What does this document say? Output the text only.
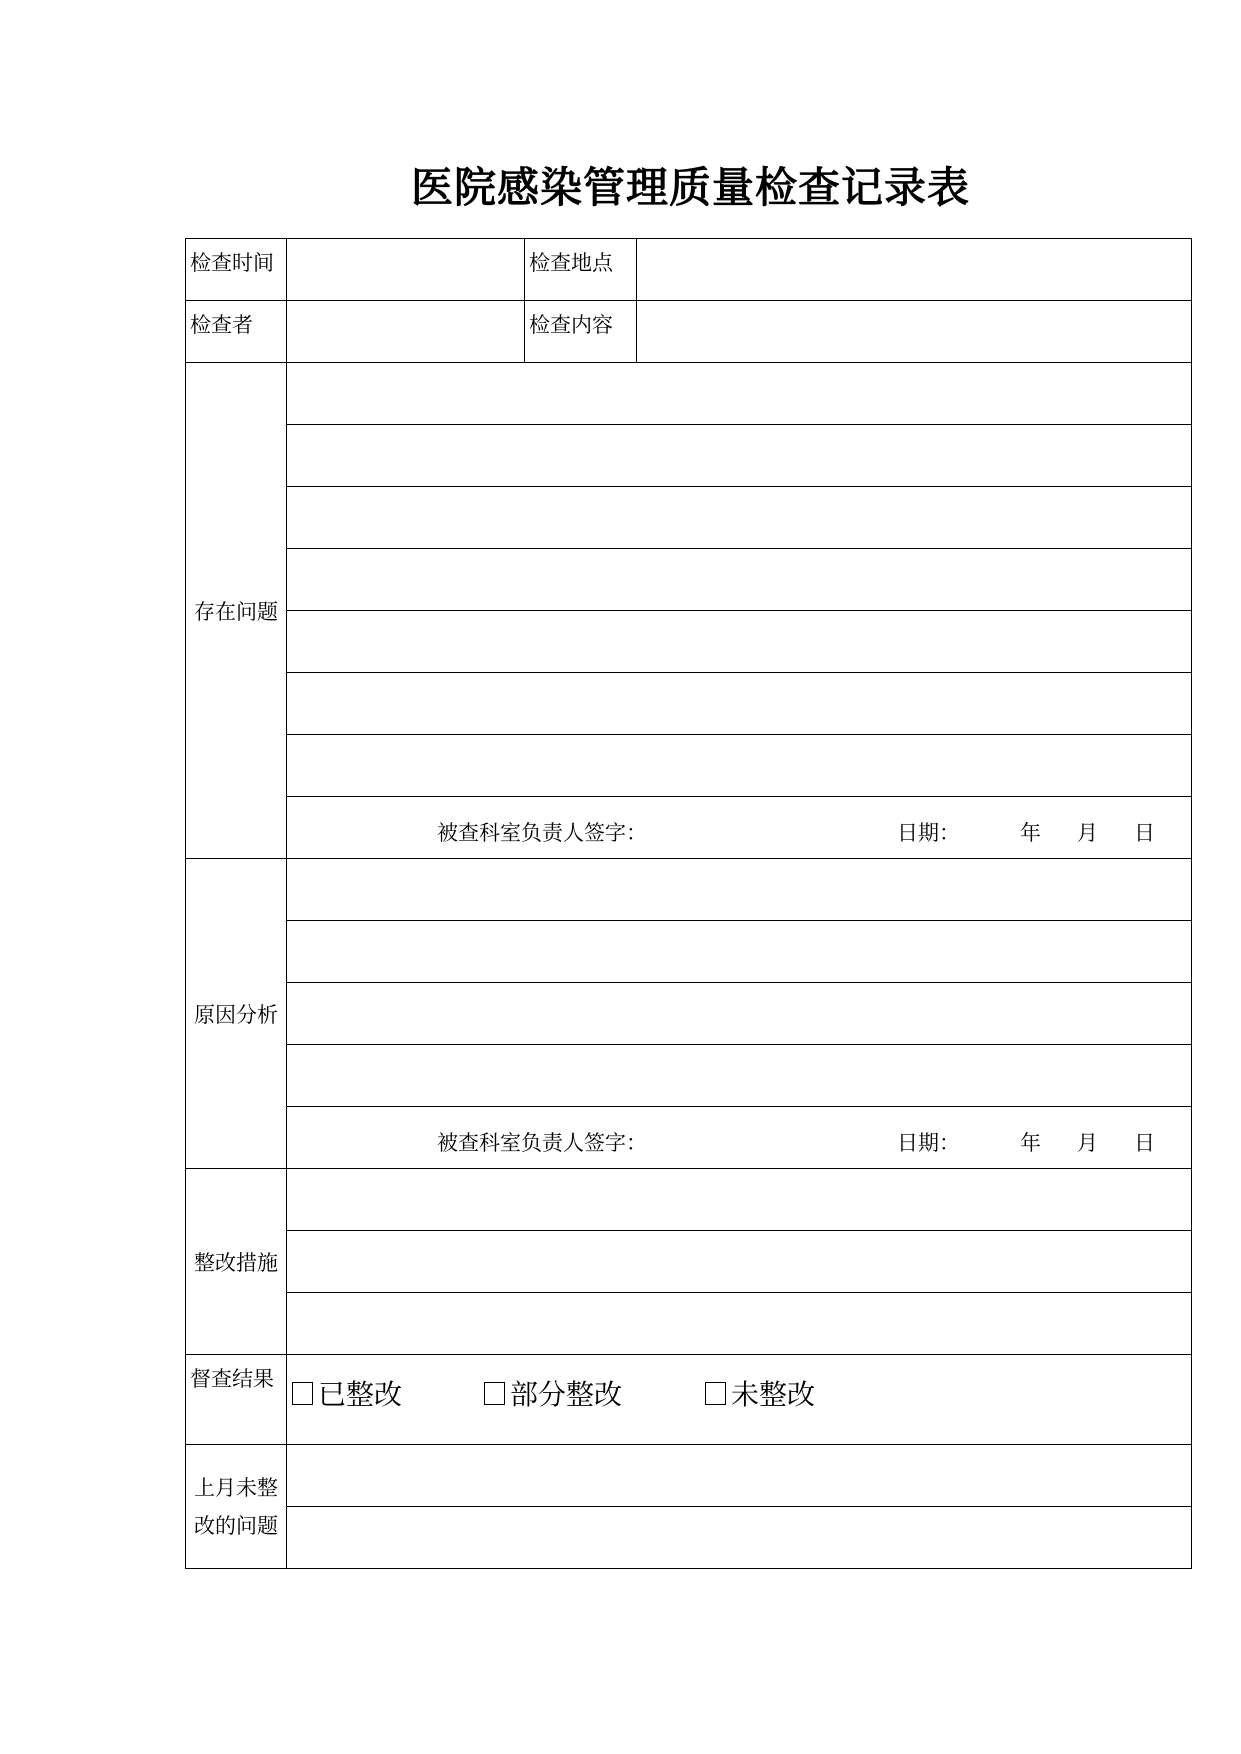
医院感染管理质量检查记录表
检查时间		检查地点	
检查者		检查内容	
存在问题			

	被查科室负责人签字： 日期： 年 月 日		

原因分析			

	被查科室负责人签字： 日期： 年 月 日		

整改措施			

督查结果	已整改 部分整改 未整改		

上月未整改的问题			
